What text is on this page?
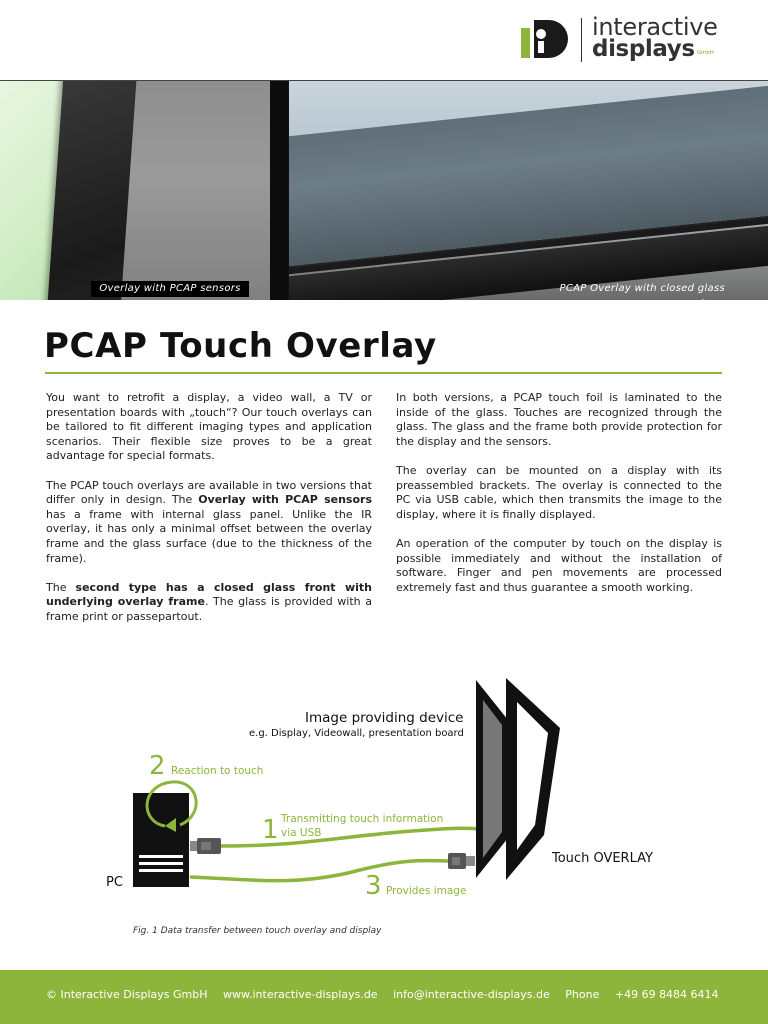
interactive
displays $^{GmbH}$
Overlay with PCAP sensors	PCAP Overlay with closed glass front
PCAP Touch Overlay

You want to retrofit a display, a video wall, a TV or presentation boards with „touch“? Our touch overlays can be tailored to fit different imaging types and application scenarios. Their flexible size proves to be a great advantage for special formats.

The PCAP touch overlays are available in two versions that differ only in design. The Overlay with PCAP sensors has a frame with internal glass panel. Unlike the IR overlay, it has only a minimal offset between the overlay frame and the glass surface (due to the thickness of the frame).

The second type has a closed glass front with underlying overlay frame. The glass is provided with a frame print or passepartout.

In both versions, a PCAP touch foil is laminated to the inside of the glass. Touches are recognized through the glass. The glass and the frame both provide protection for the display and the sensors.

The overlay can be mounted on a display with its preassembled brackets. The overlay is connected to the PC via USB cable, which then transmits the image to the display, where it is finally displayed.

An operation of the computer by touch on the display is possible immediately and without the installation of software. Finger and pen movements are processed extremely fast and thus guarantee a smooth working.

Image providing device
e.g. Display, Videowall, presentation board
2 Reaction to touch
1 Transmitting touch information
via USB
3 Provides image
PC
Touch OVERLAY
Fig. 1 Data transfer between touch overlay and display
© Interactive Displays GmbH www.interactive-displays.de info@interactive-displays.de Phone +49 69 8484 6414
